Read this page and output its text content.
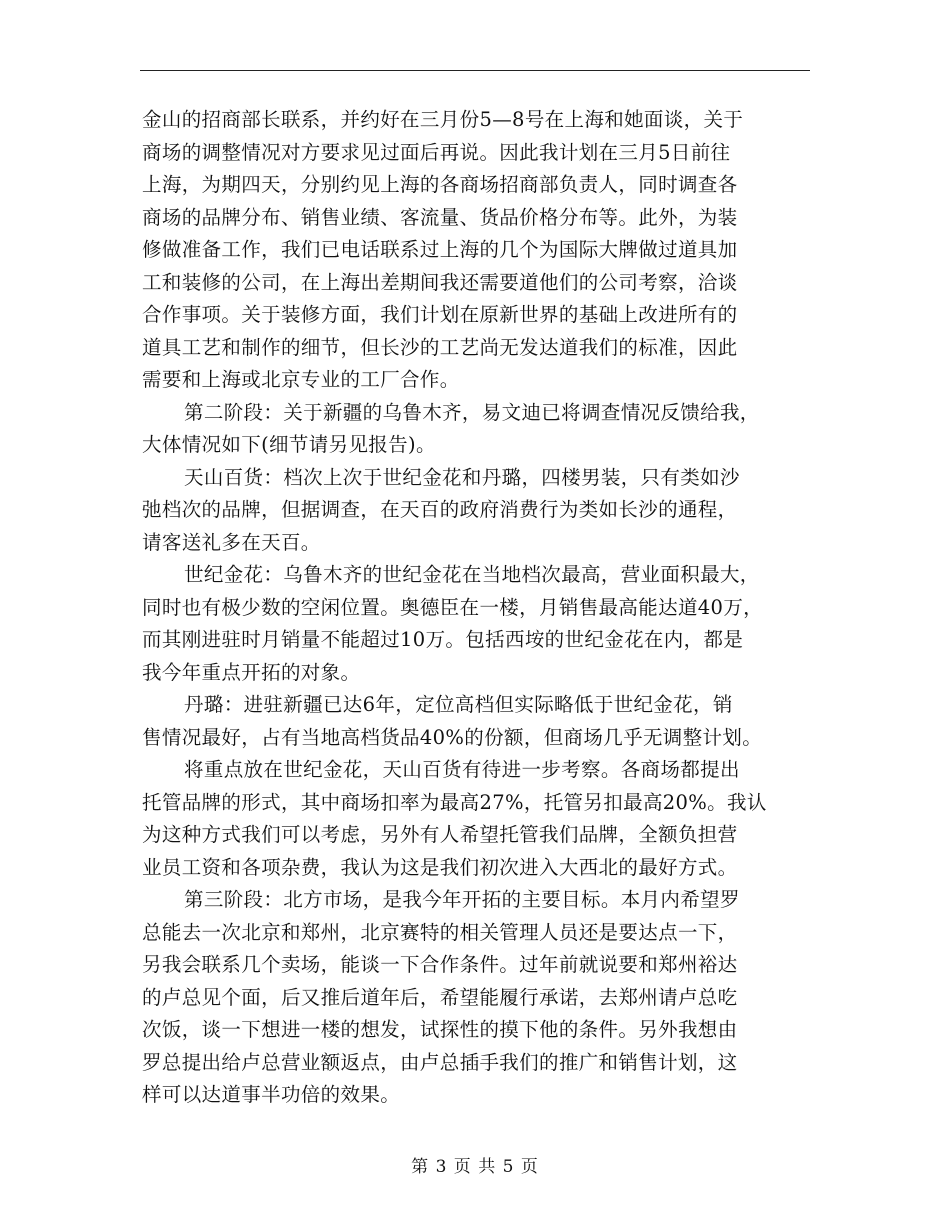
金山的招商部长联系，并约好在三月份5—8号在上海和她面谈，关于
商场的调整情况对方要求见过面后再说。因此我计划在三月5日前往
上海，为期四天，分别约见上海的各商场招商部负责人，同时调查各
商场的品牌分布、销售业绩、客流量、货品价格分布等。此外，为装
修做准备工作，我们已电话联系过上海的几个为国际大牌做过道具加
工和装修的公司，在上海出差期间我还需要道他们的公司考察，洽谈
合作事项。关于装修方面，我们计划在原新世界的基础上改进所有的
道具工艺和制作的细节，但长沙的工艺尚无发达道我们的标准，因此
需要和上海或北京专业的工厂合作。

第二阶段：关于新疆的乌鲁木齐，易文迪已将调查情况反馈给我，
大体情况如下(细节请另见报告)。

天山百货：档次上次于世纪金花和丹璐，四楼男装，只有类如沙
弛档次的品牌，但据调查，在天百的政府消费行为类如长沙的通程，
请客送礼多在天百。

世纪金花：乌鲁木齐的世纪金花在当地档次最高，营业面积最大，
同时也有极少数的空闲位置。奥德臣在一楼，月销售最高能达道40万，
而其刚进驻时月销量不能超过10万。包括西垵的世纪金花在内，都是
我今年重点开拓的对象。

丹璐：进驻新疆已达6年，定位高档但实际略低于世纪金花，销
售情况最好，占有当地高档货品40%的份额，但商场几乎无调整计划。

将重点放在世纪金花，天山百货有待进一步考察。各商场都提出
托管品牌的形式，其中商场扣率为最高27%，托管另扣最高20%。我认
为这种方式我们可以考虑，另外有人希望托管我们品牌，全额负担营
业员工资和各项杂费，我认为这是我们初次进入大西北的最好方式。

第三阶段：北方市场，是我今年开拓的主要目标。本月内希望罗
总能去一次北京和郑州，北京赛特的相关管理人员还是要达点一下，
另我会联系几个卖场，能谈一下合作条件。过年前就说要和郑州裕达
的卢总见个面，后又推后道年后，希望能履行承诺，去郑州请卢总吃
次饭，谈一下想进一楼的想发，试探性的摸下他的条件。另外我想由
罗总提出给卢总营业额返点，由卢总插手我们的推广和销售计划，这
样可以达道事半功倍的效果。

第 3 页 共 5 页
